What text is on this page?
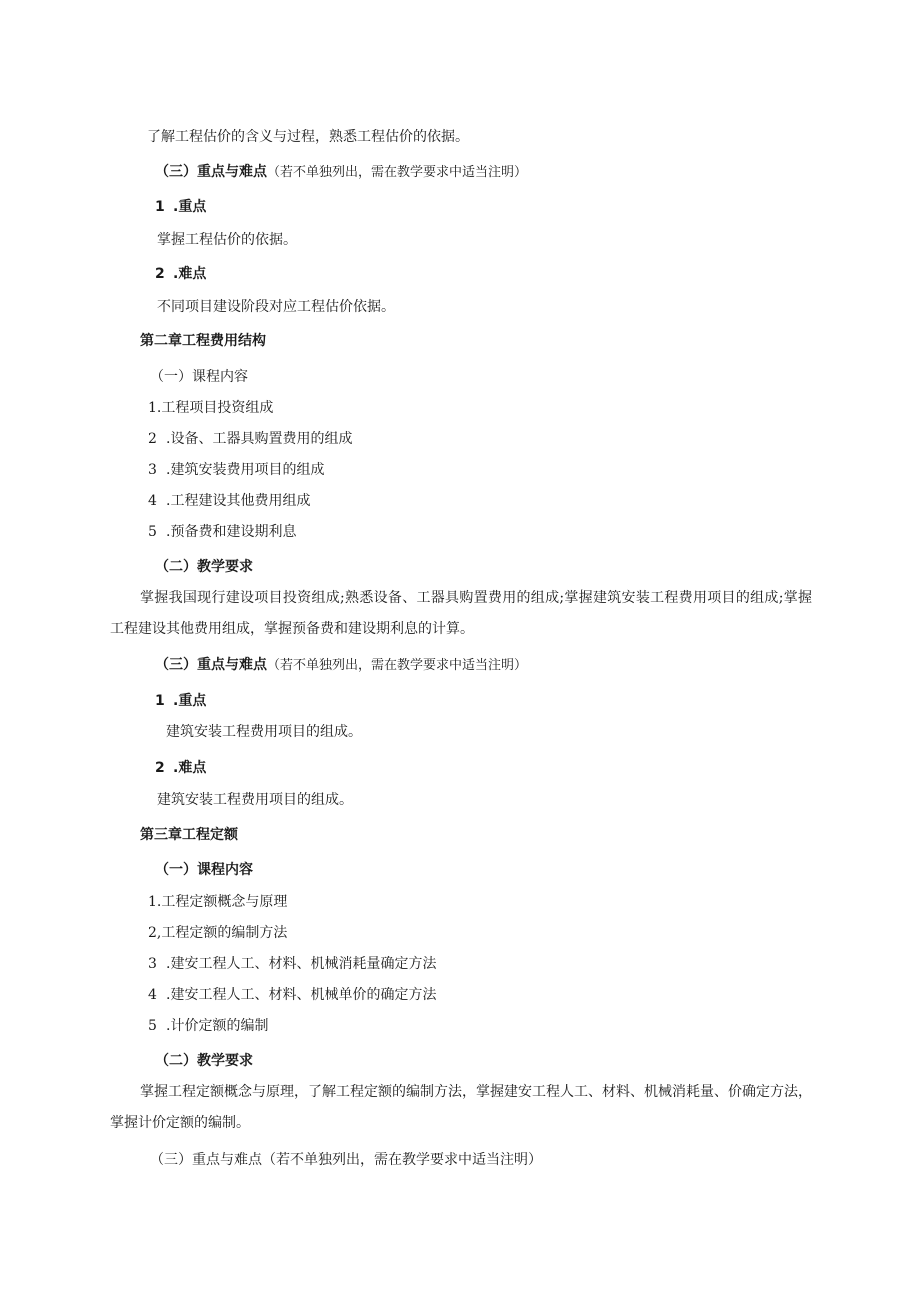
了解工程估价的含义与过程，熟悉工程估价的依据。
（三）重点与难点（若不单独列出，需在教学要求中适当注明）
1 .重点
掌握工程估价的依据。
2 .难点
不同项目建设阶段对应工程估价依据。
第二章工程费用结构
（一）课程内容
1.工程项目投资组成
2 .设备、工器具购置费用的组成
3 .建筑安装费用项目的组成
4 .工程建设其他费用组成
5 .预备费和建设期利息
（二）教学要求
掌握我国现行建设项目投资组成;熟悉设备、工器具购置费用的组成;掌握建筑安装工程费用项目的组成;掌握工程建设其他费用组成，掌握预备费和建设期利息的计算。
（三）重点与难点（若不单独列出，需在教学要求中适当注明）
1 .重点
建筑安装工程费用项目的组成。
2 .难点
建筑安装工程费用项目的组成。
第三章工程定额
（一）课程内容
1.工程定额概念与原理
2,工程定额的编制方法
3 .建安工程人工、材料、机械消耗量确定方法
4 .建安工程人工、材料、机械单价的确定方法
5 .计价定额的编制
（二）教学要求
掌握工程定额概念与原理，了解工程定额的编制方法，掌握建安工程人工、材料、机械消耗量、价确定方法，掌握计价定额的编制。
（三）重点与难点（若不单独列出，需在教学要求中适当注明）
